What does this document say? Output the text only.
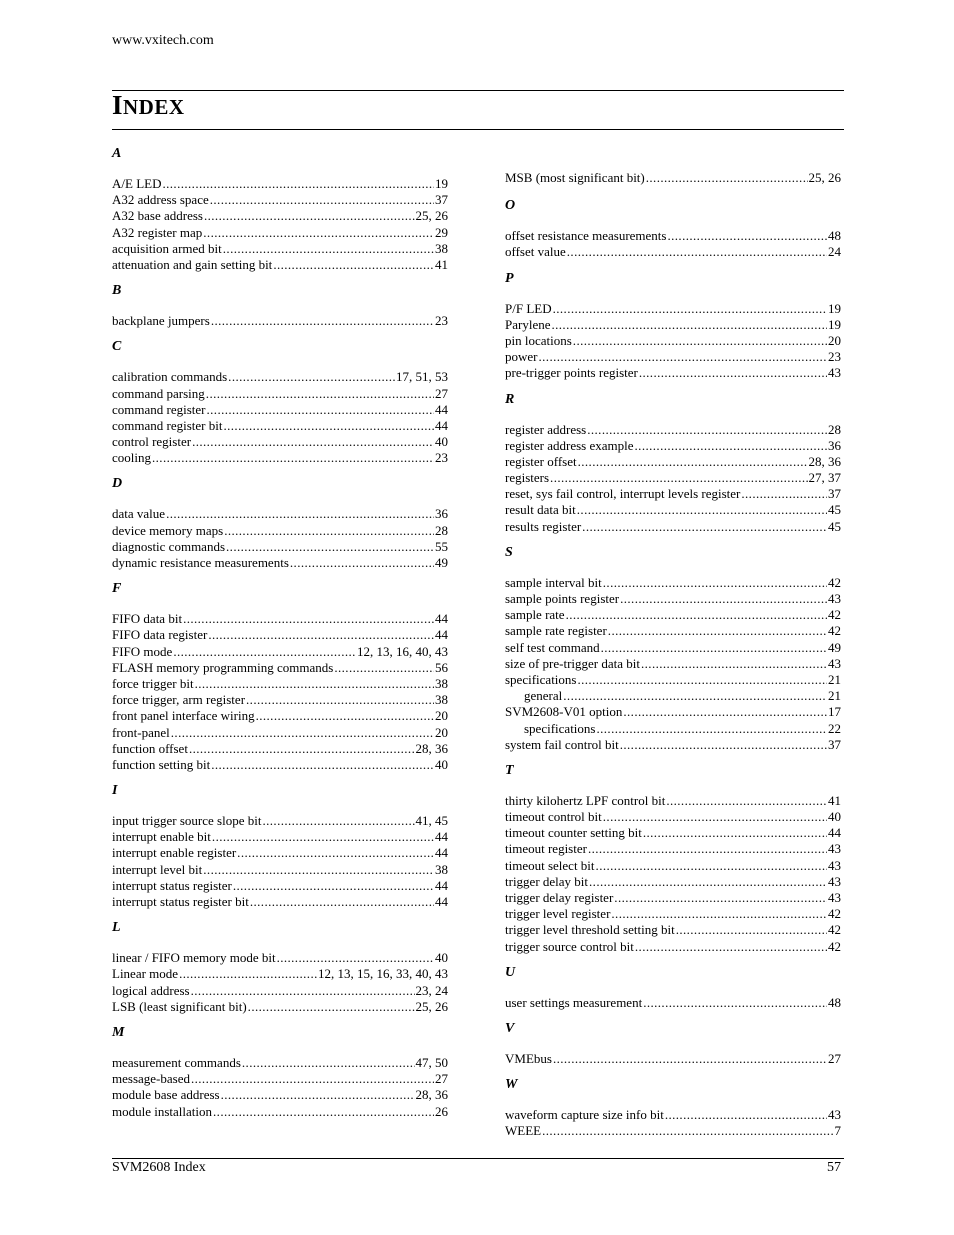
www.vxitech.com
INDEX
A
A/E LED .....	19
A32 address space .....	37
A32 base address .....	25, 26
A32 register map .....	29
acquisition armed bit .....	38
attenuation and gain setting bit .....	41
B
backplane jumpers .....	23
C
calibration commands .....	17, 51, 53
command parsing .....	27
command register .....	44
command register bit .....	44
control register .....	40
cooling .....	23
D
data value .....	36
device memory maps .....	28
diagnostic commands .....	55
dynamic resistance measurements .....	49
F
FIFO data bit .....	44
FIFO data register .....	44
FIFO mode .....	12, 13, 16, 40, 43
FLASH memory programming commands .....	56
force trigger bit .....	38
force trigger, arm register .....	38
front panel interface wiring .....	20
front-panel .....	20
function offset .....	28, 36
function setting bit .....	40
I
input trigger source slope bit .....	41, 45
interrupt enable bit .....	44
interrupt enable register .....	44
interrupt level bit .....	38
interrupt status register .....	44
interrupt status register bit .....	44
L
linear / FIFO memory mode bit .....	40
Linear mode .....	12, 13, 15, 16, 33, 40, 43
logical address .....	23, 24
LSB (least significant bit) .....	25, 26
M
measurement commands .....	47, 50
message-based .....	27
module base address .....	28, 36
module installation .....	26
MSB (most significant bit) .....	25, 26
O
offset resistance measurements .....	48
offset value .....	24
P
P/F LED .....	19
Parylene .....	19
pin locations .....	20
power .....	23
pre-trigger points register .....	43
R
register address .....	28
register address example .....	36
register offset .....	28, 36
registers .....	27, 37
reset, sys fail control, interrupt levels register .....	37
result data bit .....	45
results register .....	45
S
sample interval bit .....	42
sample points register .....	43
sample rate .....	42
sample rate register .....	42
self test command .....	49
size of pre-trigger data bit .....	43
specifications .....	21
general .....	21
SVM2608-V01 option .....	17
specifications .....	22
system fail control bit .....	37
T
thirty kilohertz LPF control bit .....	41
timeout control bit .....	40
timeout counter setting bit .....	44
timeout register .....	43
timeout select bit .....	43
trigger delay bit .....	43
trigger delay register .....	43
trigger level register .....	42
trigger level threshold setting bit .....	42
trigger source control bit .....	42
U
user settings measurement .....	48
V
VMEbus .....	27
W
waveform capture size info bit .....	43
WEEE .....	7
SVM2608 Index	57
